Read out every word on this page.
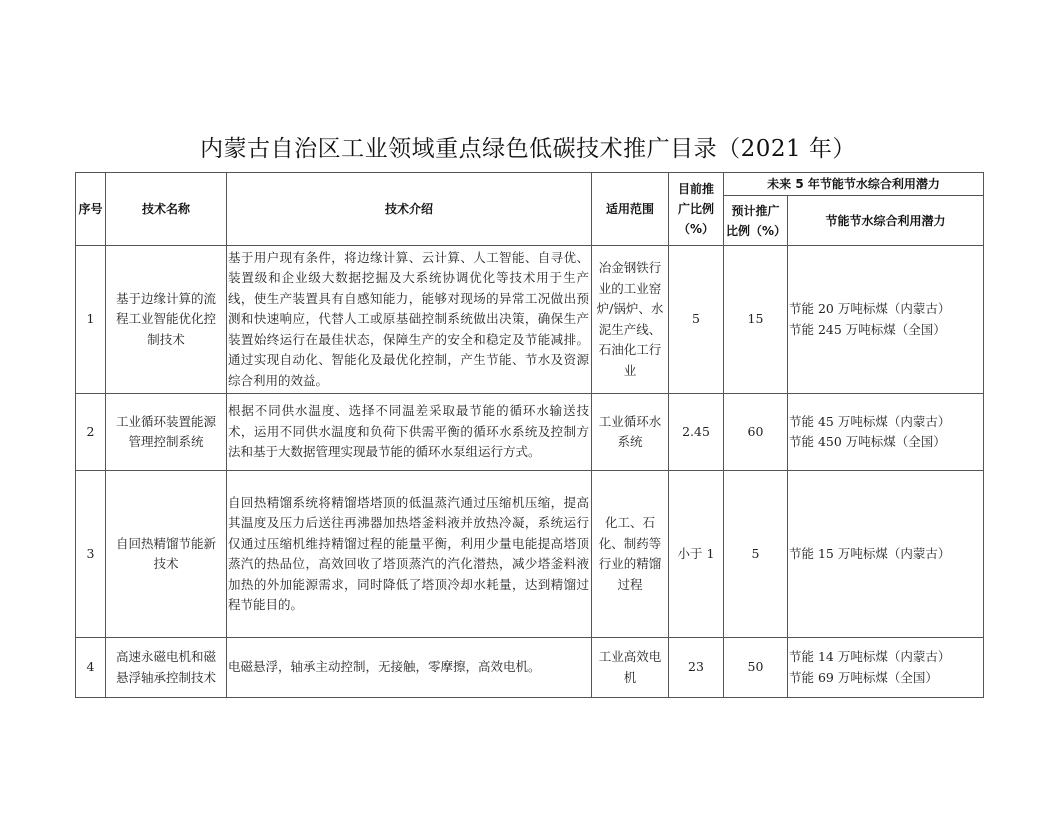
内蒙古自治区工业领域重点绿色低碳技术推广目录（2021 年）
序号	技术名称	技术介绍	适用范围	目前推广比例（%）	未来 5 年节能节水综合利用潜力	
					预计推广比例（%）	节能节水综合利用潜力
1	基于边缘计算的流程工业智能优化控制技术	基于用户现有条件，将边缘计算、云计算、人工智能、自寻优、装置级和企业级大数据挖掘及大系统协调优化等技术用于生产线，使生产装置具有自感知能力，能够对现场的异常工况做出预测和快速响应，代替人工或原基础控制系统做出决策，确保生产装置始终运行在最佳状态，保障生产的安全和稳定及节能减排。通过实现自动化、智能化及最优化控制，产生节能、节水及资源综合利用的效益。	冶金钢铁行业的工业窑炉/锅炉、水泥生产线、石油化工行业	5	15	节能 20 万吨标煤（内蒙古）
节能 245 万吨标煤（全国）

2	工业循环装置能源管理控制系统	根据不同供水温度、选择不同温差采取最节能的循环水输送技术，运用不同供水温度和负荷下供需平衡的循环水系统及控制方法和基于大数据管理实现最节能的循环水泵组运行方式。	工业循环水系统	2.45	60	节能 45 万吨标煤（内蒙古）
节能 450 万吨标煤（全国）

3	自回热精馏节能新技术	自回热精馏系统将精馏塔塔顶的低温蒸汽通过压缩机压缩，提高其温度及压力后送往再沸器加热塔釜料液并放热冷凝，系统运行仅通过压缩机维持精馏过程的能量平衡，利用少量电能提高塔顶蒸汽的热品位，高效回收了塔顶蒸汽的汽化潜热，减少塔釜料液加热的外加能源需求，同时降低了塔顶冷却水耗量，达到精馏过程节能目的。	化工、石化、制药等行业的精馏过程	小于 1	5	节能 15 万吨标煤（内蒙古）

4	高速永磁电机和磁悬浮轴承控制技术	电磁悬浮，轴承主动控制，无接触，零摩擦，高效电机。	工业高效电机	23	50	节能 14 万吨标煤（内蒙古）
节能 69 万吨标煤（全国）
